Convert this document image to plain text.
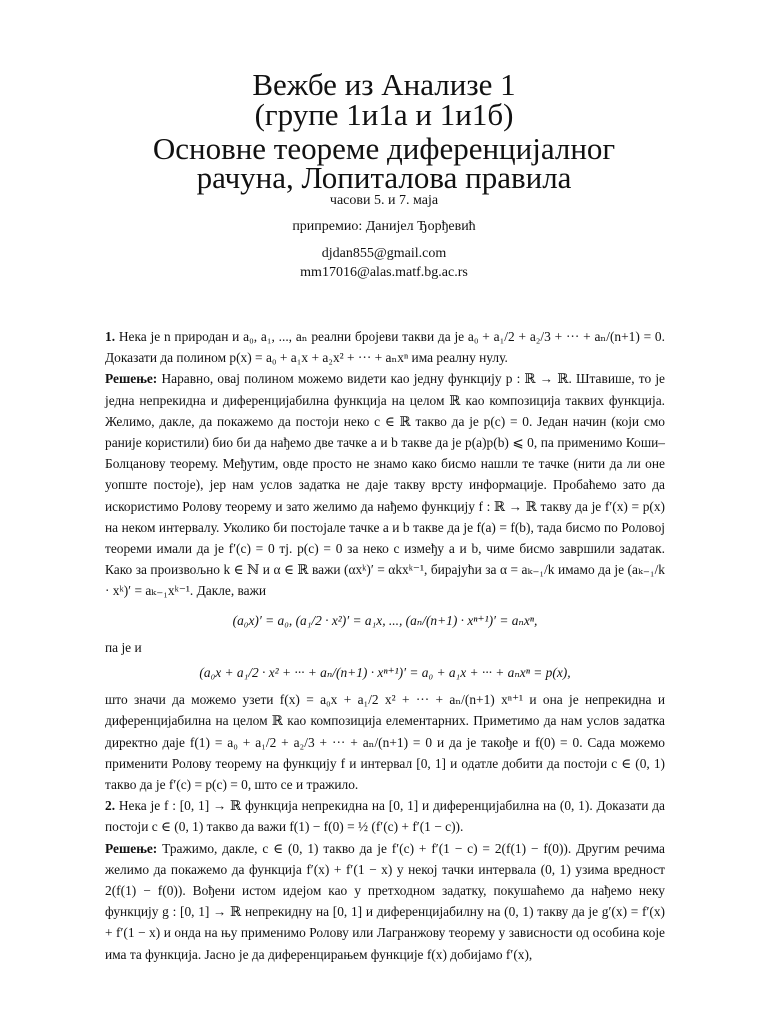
Вежбе из Анализе 1
(групе 1и1а и 1и1б)
Основне теореме диференцијалног
рачуна, Лопиталова правила
часови 5. и 7. маја
припремио: Данијел Ђорђевић
djdan855@gmail.com
mm17016@alas.matf.bg.ac.rs

1. Нека је n природан и a₀, a₁, ..., aₙ реални бројеви такви да је a₀ + a₁/2 + a₂/3 + ··· + aₙ/(n+1) = 0. Доказати да полином p(x) = a₀ + a₁x + a₂x² + ··· + aₙxⁿ има реалну нулу.

Решење: Наравно, овај полином можемо видети као једну функцију p : ℝ → ℝ. Штавише, то је једна непрекидна и диференцијабилна функција на целом ℝ као композиција таквих функција. Желимо, дакле, да покажемо да постоји неко c ∈ ℝ такво да је p(c) = 0. Један начин (који смо раније користили) био би да нађемо две тачке a и b такве да је p(a)p(b) ⩽ 0, па применимо Коши–Болцанову теорему. Међутим, овде просто не знамо како бисмо нашли те тачке (нити да ли оне уопште постоје), јер нам услов задатка не даје такву врсту информације. Пробаћемо зато да искористимо Ролову теорему и зато желимо да нађемо функцију f : ℝ → ℝ такву да је f′(x) = p(x) на неком интервалу. Уколико би постојале тачке a и b такве да је f(a) = f(b), тада бисмо по Роловој теореми имали да је f′(c) = 0 тј. p(c) = 0 за неко c између a и b, чиме бисмо завршили задатак. Како за произвољно k ∈ ℕ и α ∈ ℝ важи (αxᵏ)′ = αkxᵏ⁻¹, бирајући за α = aₖ₋₁/k имамо да је (aₖ₋₁/k · xᵏ)′ = aₖ₋₁xᵏ⁻¹. Дакле, важи

(a₀x)′ = a₀, (a₁/2 · x²)′ = a₁x, ..., (aₙ/(n+1) · xⁿ⁺¹)′ = aₙxⁿ,

па је и

(a₀x + a₁/2 · x² + ··· + aₙ/(n+1) · xⁿ⁺¹)′ = a₀ + a₁x + ··· + aₙxⁿ = p(x),

што значи да можемо узети f(x) = a₀x + a₁/2 x² + ··· + aₙ/(n+1) xⁿ⁺¹ и она је непрекидна и диференцијабилна на целом ℝ као композиција елементарних. Приметимо да нам услов задатка директно даје f(1) = a₀ + a₁/2 + a₂/3 + ··· + aₙ/(n+1) = 0 и да је такође и f(0) = 0. Сада можемо применити Ролову теорему на функцију f и интервал [0, 1] и одатле добити да постоји c ∈ (0, 1) такво да је f′(c) = p(c) = 0, што се и тражило.

2. Нека је f : [0, 1] → ℝ функција непрекидна на [0, 1] и диференцијабилна на (0, 1). Доказати да постоји c ∈ (0, 1) такво да важи f(1) − f(0) = ½ (f′(c) + f′(1 − c)).

Решење: Тражимо, дакле, c ∈ (0, 1) такво да је f′(c) + f′(1 − c) = 2(f(1) − f(0)). Другим речима желимо да покажемо да функција f′(x) + f′(1 − x) у некој тачки интервала (0, 1) узима вредност 2(f(1) − f(0)). Вођени истом идејом као у претходном задатку, покушаћемо да нађемо неку функцију g : [0, 1] → ℝ непрекидну на [0, 1] и диференцијабилну на (0, 1) такву да је g′(x) = f′(x) + f′(1 − x) и онда на њу применимо Ролову или Лагранжову теорему у зависности од особина које има та функција. Јасно је да диференцирањем функције f(x) добијамо f′(x),
